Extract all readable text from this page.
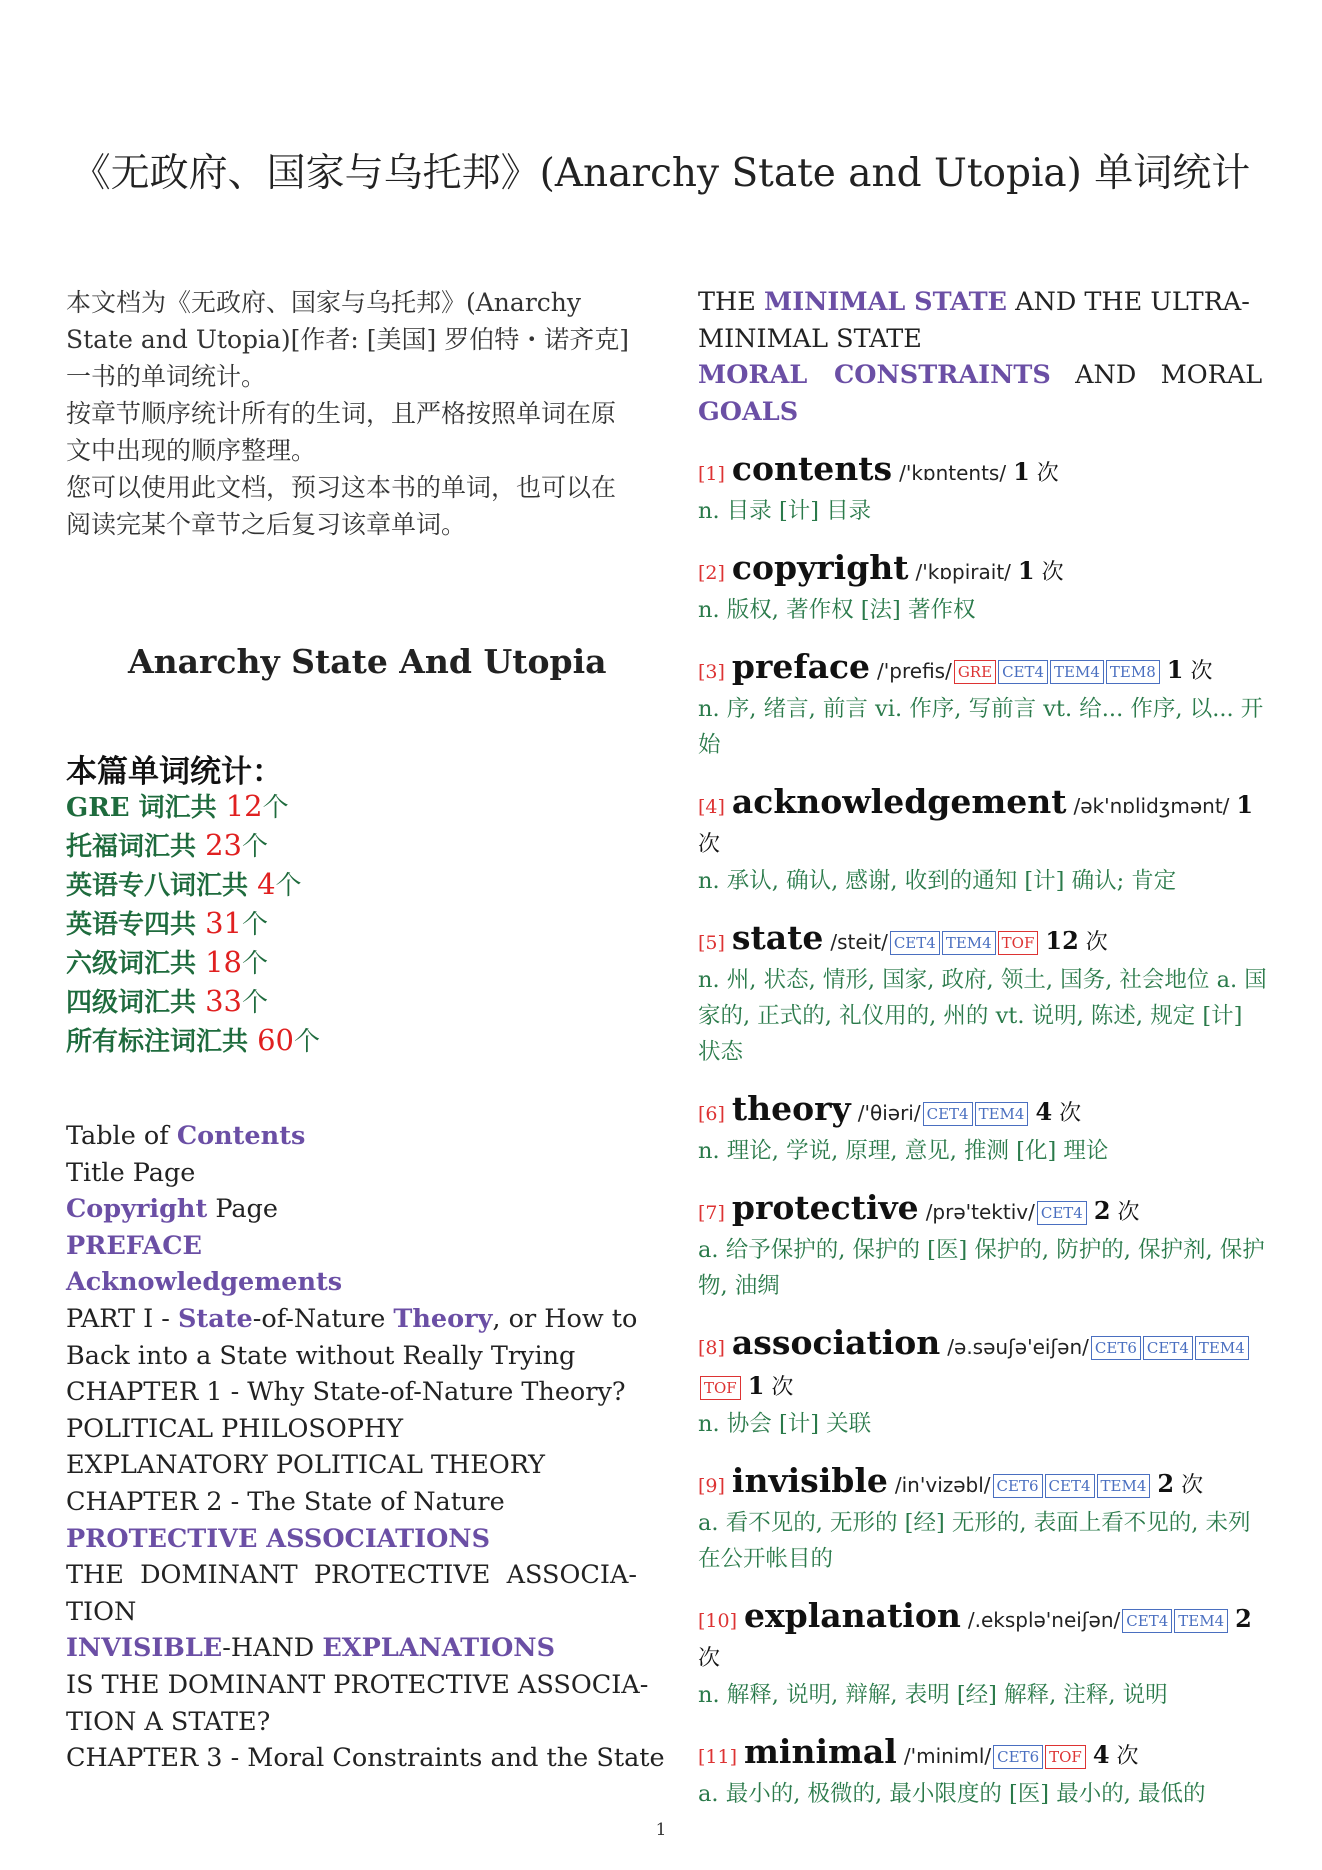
《无政府、国家与乌托邦》(Anarchy State and Utopia) 单词统计
本文档为《无政府、国家与乌托邦》(Anarchy State and Utopia)[作者: [美国] 罗伯特・诺齐克]一书的单词统计。
按章节顺序统计所有的生词，且严格按照单词在原文中出现的顺序整理。
您可以使用此文档，预习这本书的单词，也可以在阅读完某个章节之后复习该章单词。
Anarchy State And Utopia
本篇单词统计：
GRE 词汇共 12个
托福词汇共 23个
英语专八词汇共 4个
英语专四共 31个
六级词汇共 18个
四级词汇共 33个
所有标注词汇共 60个
Table of Contents
Title Page
Copyright Page
PREFACE
Acknowledgements
PART I - State-of-Nature Theory, or How to
Back into a State without Really Trying
CHAPTER 1 - Why State-of-Nature Theory?
POLITICAL PHILOSOPHY
EXPLANATORY POLITICAL THEORY
CHAPTER 2 - The State of Nature
PROTECTIVE ASSOCIATIONS
THE  DOMINANT  PROTECTIVE  ASSOCIA-
TION
INVISIBLE-HAND EXPLANATIONS
IS THE DOMINANT PROTECTIVE ASSOCIA-
TION A STATE?
CHAPTER 3 - Moral Constraints and the State
THE MINIMAL STATE AND THE ULTRA-
MINIMAL STATE
MORAL   CONSTRAINTS   AND   MORAL
GOALS
[1] contents /'kɒntents/ 1 次
n. 目录 [计] 目录
[2] copyright /'kɒpirait/ 1 次
n. 版权, 著作权 [法] 著作权
[3] preface /'prefis/ GRE CET4 TEM4 TEM8 1 次
n. 序, 绪言, 前言 vi. 作序, 写前言 vt. 给... 作序, 以... 开始
[4] acknowledgement /ək'nɒlidʒmənt/ 1 次
n. 承认, 确认, 感谢, 收到的通知 [计] 确认; 肯定
[5] state /steit/ CET4 TEM4 TOF 12 次
n. 州, 状态, 情形, 国家, 政府, 领土, 国务, 社会地位 a. 国家的, 正式的, 礼仪用的, 州的 vt. 说明, 陈述, 规定 [计] 状态
[6] theory /'θiəri/ CET4 TEM4 4 次
n. 理论, 学说, 原理, 意见, 推测 [化] 理论
[7] protective /prə'tektiv/ CET4 2 次
a. 给予保护的, 保护的 [医] 保护的, 防护的, 保护剂, 保护物, 油绸
[8] association /ə.səuʃə'eiʃən/ CET6 CET4 TEM4TOF 1 次
n. 协会 [计] 关联
[9] invisible /in'vizəbl/ CET6 CET4 TEM4 2 次
a. 看不见的, 无形的 [经] 无形的, 表面上看不见的, 未列在公开帐目的
[10] explanation /.eksplə'neiʃən/ CET4 TEM4 2 次
n. 解释, 说明, 辩解, 表明 [经] 解释, 注释, 说明
[11] minimal /'miniml/ CET6 TOF 4 次
a. 最小的, 极微的, 最小限度的 [医] 最小的, 最低的
1
